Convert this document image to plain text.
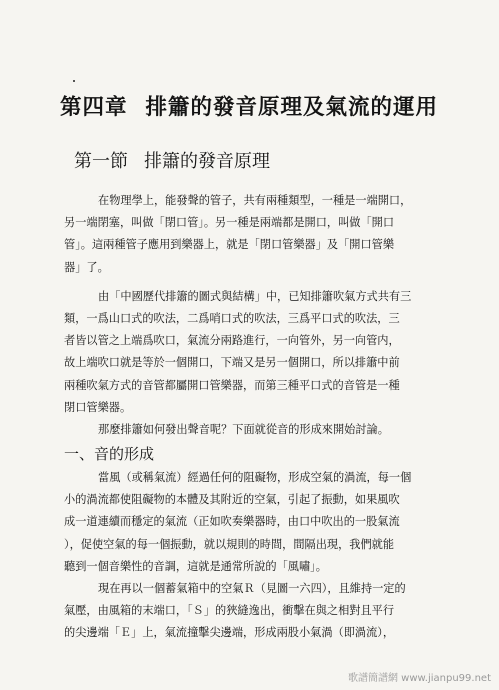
第四章 排簫的發音原理及氣流的運用
第一節 排簫的發音原理
在物理學上，能發聲的管子，共有兩種類型，一種是一端開口，
另一端閉塞，叫做「閉口管」。另一種是兩端都是開口，叫做「開口
管」。這兩種管子應用到樂器上，就是「閉口管樂器」及「開口管樂
器」了。
由「中國歷代排簫的圖式與結構」中，已知排簫吹氣方式共有三
類，一爲山口式的吹法，二爲哨口式的吹法，三爲平口式的吹法，三
者皆以管之上端爲吹口，氣流分兩路進行，一向管外，另一向管内，
故上端吹口就是等於一個開口，下端又是另一個開口，所以排簫中前
兩種吹氣方式的音管都屬開口管樂器，而第三種平口式的音管是一種
閉口管樂器。
那麼排簫如何發出聲音呢？下面就從音的形成來開始討論。
一、音的形成
當風（或稱氣流）經過任何的阻礙物，形成空氣的渦流，每一個
小的渦流都使阻礙物的本體及其附近的空氣，引起了振動，如果風吹
成一道連續而穩定的氣流（正如吹奏樂器時，由口中吹出的一股氣流
），促使空氣的每一個振動，就以規則的時間，間隔出現，我們就能
聽到一個音樂性的音調，這就是通常所說的「風嘯」。
現在再以一個蓄氣箱中的空氣Ｒ（見圖一六四），且維持一定的
氣壓，由風箱的末端口，「Ｓ」的狹縫逸出，衝擊在與之相對且平行
的尖邊端「Ｅ」上，氣流撞擊尖邊端，形成兩股小氣渦（即渦流），
歌譜簡譜網 www.jianpu99.net
